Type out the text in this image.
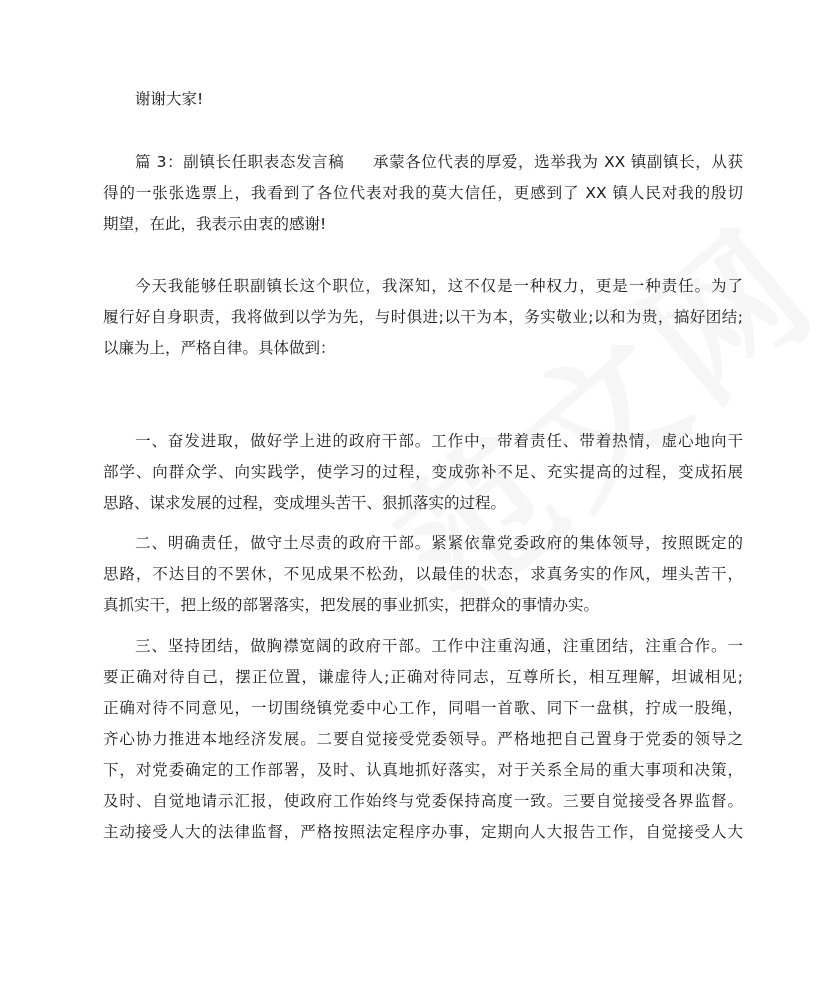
谢谢大家!

篇 3：副镇长任职表态发言稿 承蒙各位代表的厚爱，选举我为 XX 镇副镇长，从获
得的一张张选票上，我看到了各位代表对我的莫大信任，更感到了 XX 镇人民对我的殷切
期望，在此，我表示由衷的感谢!

今天我能够任职副镇长这个职位，我深知，这不仅是一种权力，更是一种责任。为了
履行好自身职责，我将做到以学为先，与时俱进;以干为本，务实敬业;以和为贵，搞好团结;
以廉为上，严格自律。具体做到：

一、奋发进取，做好学上进的政府干部。工作中，带着责任、带着热情，虚心地向干
部学、向群众学、向实践学，使学习的过程，变成弥补不足、充实提高的过程，变成拓展
思路、谋求发展的过程，变成埋头苦干、狠抓落实的过程。

二、明确责任，做守土尽责的政府干部。紧紧依靠党委政府的集体领导，按照既定的
思路，不达目的不罢休，不见成果不松劲，以最佳的状态，求真务实的作风，埋头苦干，
真抓实干，把上级的部署落实，把发展的事业抓实，把群众的事情办实。

三、坚持团结，做胸襟宽阔的政府干部。工作中注重沟通，注重团结，注重合作。一
要正确对待自己，摆正位置，谦虚待人;正确对待同志，互尊所长，相互理解，坦诚相见;
正确对待不同意见，一切围绕镇党委中心工作，同唱一首歌、同下一盘棋，拧成一股绳，
齐心协力推进本地经济发展。二要自觉接受党委领导。严格地把自己置身于党委的领导之
下，对党委确定的工作部署，及时、认真地抓好落实，对于关系全局的重大事项和决策，
及时、自觉地请示汇报，使政府工作始终与党委保持高度一致。三要自觉接受各界监督。
主动接受人大的法律监督，严格按照法定程序办事，定期向人大报告工作，自觉接受人大
